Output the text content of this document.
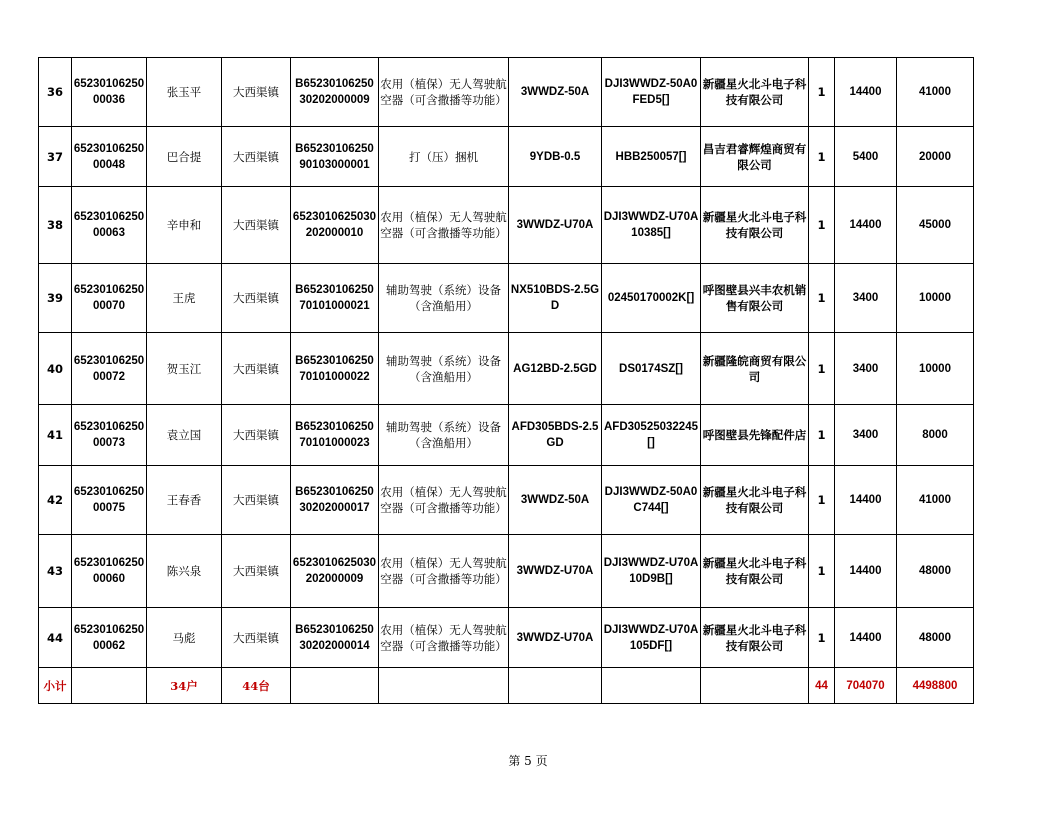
36	6523010625000036	张玉平	大西渠镇	B6523010625030202000009	农用（植保）无人驾驶航空器（可含撒播等功能）	3WWDZ-50A	DJI3WWDZ-50A0FED5[]	新疆星火北斗电子科技有限公司	1	14400	41000
37	6523010625000048	巴合提	大西渠镇	B6523010625090103000001	打（压）捆机	9YDB-0.5	HBB250057[]	昌吉君睿辉煌商贸有限公司	1	5400	20000
38	6523010625000063	辛申和	大西渠镇	6523010625030202000010	农用（植保）无人驾驶航空器（可含撒播等功能）	3WWDZ-U70A	DJI3WWDZ-U70A10385[]	新疆星火北斗电子科技有限公司	1	14400	45000
39	6523010625000070	王虎	大西渠镇	B6523010625070101000021	辅助驾驶（系统）设备（含渔船用）	NX510BDS-2.5GD	02450170002K[]	呼图壁县兴丰农机销售有限公司	1	3400	10000
40	6523010625000072	贺玉江	大西渠镇	B6523010625070101000022	辅助驾驶（系统）设备（含渔船用）	AG12BD-2.5GD	DS0174SZ[]	新疆隆皖商贸有限公司	1	3400	10000
41	6523010625000073	袁立国	大西渠镇	B6523010625070101000023	辅助驾驶（系统）设备（含渔船用）	AFD305BDS-2.5GD	AFD30525032245[]	呼图壁县先锋配件店	1	3400	8000
42	6523010625000075	王春香	大西渠镇	B6523010625030202000017	农用（植保）无人驾驶航空器（可含撒播等功能）	3WWDZ-50A	DJI3WWDZ-50A0C744[]	新疆星火北斗电子科技有限公司	1	14400	41000
43	6523010625000060	陈兴泉	大西渠镇	6523010625030202000009	农用（植保）无人驾驶航空器（可含撒播等功能）	3WWDZ-U70A	DJI3WWDZ-U70A10D9B[]	新疆星火北斗电子科技有限公司	1	14400	48000
44	6523010625000062	马彪	大西渠镇	B6523010625030202000014	农用（植保）无人驾驶航空器（可含撒播等功能）	3WWDZ-U70A	DJI3WWDZ-U70A105DF[]	新疆星火北斗电子科技有限公司	1	14400	48000
小计		34户	44台						44	704070	4498800
第 5 页
